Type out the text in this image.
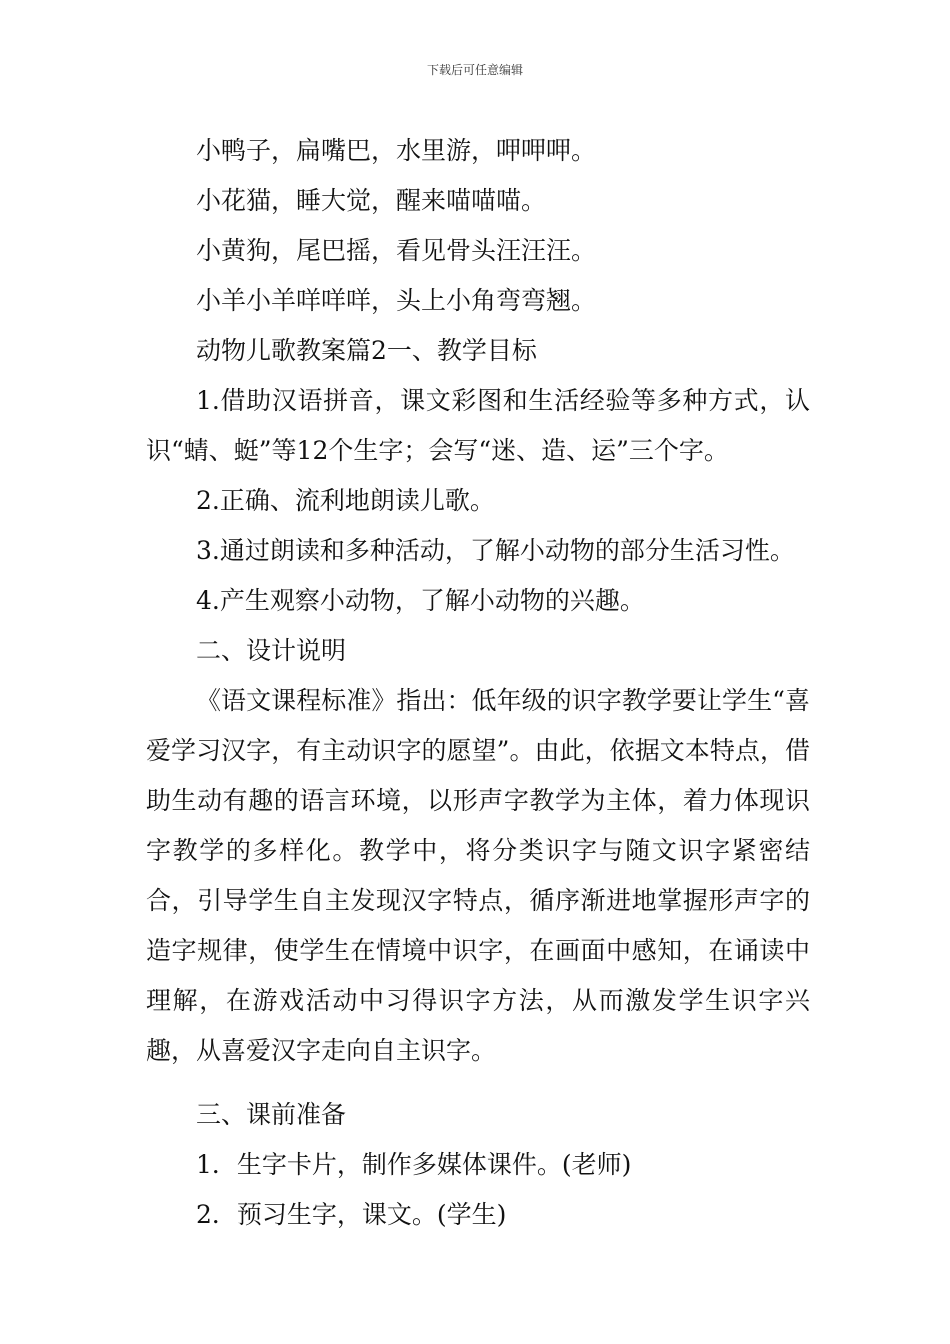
下载后可任意编辑

小鸭子，扁嘴巴，水里游，呷呷呷。

小花猫，睡大觉，醒来喵喵喵。

小黄狗，尾巴摇，看见骨头汪汪汪。

小羊小羊咩咩咩，头上小角弯弯翘。

动物儿歌教案篇2一、教学目标

1.借助汉语拼音，课文彩图和生活经验等多种方式，认识“蜻、蜓”等12个生字；会写“迷、造、运”三个字。

2.正确、流利地朗读儿歌。

3.通过朗读和多种活动，了解小动物的部分生活习性。

4.产生观察小动物，了解小动物的兴趣。

二、设计说明

《语文课程标准》指出：低年级的识字教学要让学生“喜爱学习汉字，有主动识字的愿望”。由此，依据文本特点，借助生动有趣的语言环境，以形声字教学为主体，着力体现识字教学的多样化。教学中，将分类识字与随文识字紧密结合，引导学生自主发现汉字特点，循序渐进地掌握形声字的造字规律，使学生在情境中识字，在画面中感知，在诵读中理解，在游戏活动中习得识字方法，从而激发学生识字兴趣，从喜爱汉字走向自主识字。

三、课前准备

1．生字卡片，制作多媒体课件。(老师)

2．预习生字，课文。(学生)
